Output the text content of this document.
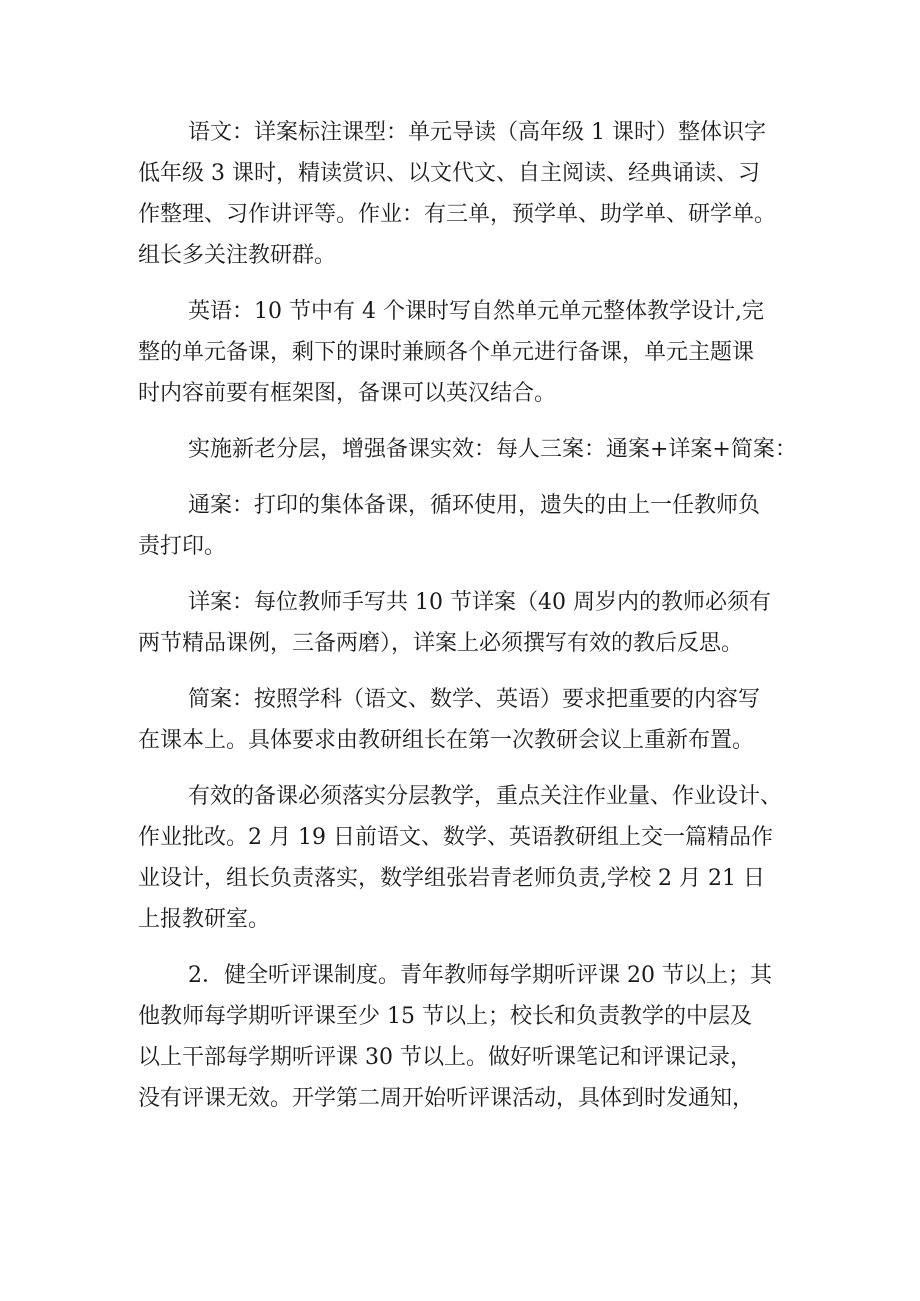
语文：详案标注课型：单元导读（高年级 1 课时）整体识字
低年级 3 课时，精读赏识、以文代文、自主阅读、经典诵读、习
作整理、习作讲评等。作业：有三单，预学单、助学单、研学单。
组长多关注教研群。
英语：10 节中有 4 个课时写自然单元单元整体教学设计,完
整的单元备课，剩下的课时兼顾各个单元进行备课，单元主题课
时内容前要有框架图，备课可以英汉结合。
实施新老分层，增强备课实效：每人三案：通案+详案+简案：
通案：打印的集体备课，循环使用，遗失的由上一任教师负
责打印。
详案：每位教师手写共 10 节详案（40 周岁内的教师必须有
两节精品课例，三备两磨），详案上必须撰写有效的教后反思。
简案：按照学科（语文、数学、英语）要求把重要的内容写
在课本上。具体要求由教研组长在第一次教研会议上重新布置。
有效的备课必须落实分层教学，重点关注作业量、作业设计、
作业批改。2 月 19 日前语文、数学、英语教研组上交一篇精品作
业设计，组长负责落实，数学组张岩青老师负责,学校 2 月 21 日
上报教研室。
2．健全听评课制度。青年教师每学期听评课 20 节以上；其
他教师每学期听评课至少 15 节以上；校长和负责教学的中层及
以上干部每学期听评课 30 节以上。做好听课笔记和评课记录，
没有评课无效。开学第二周开始听评课活动，具体到时发通知，
